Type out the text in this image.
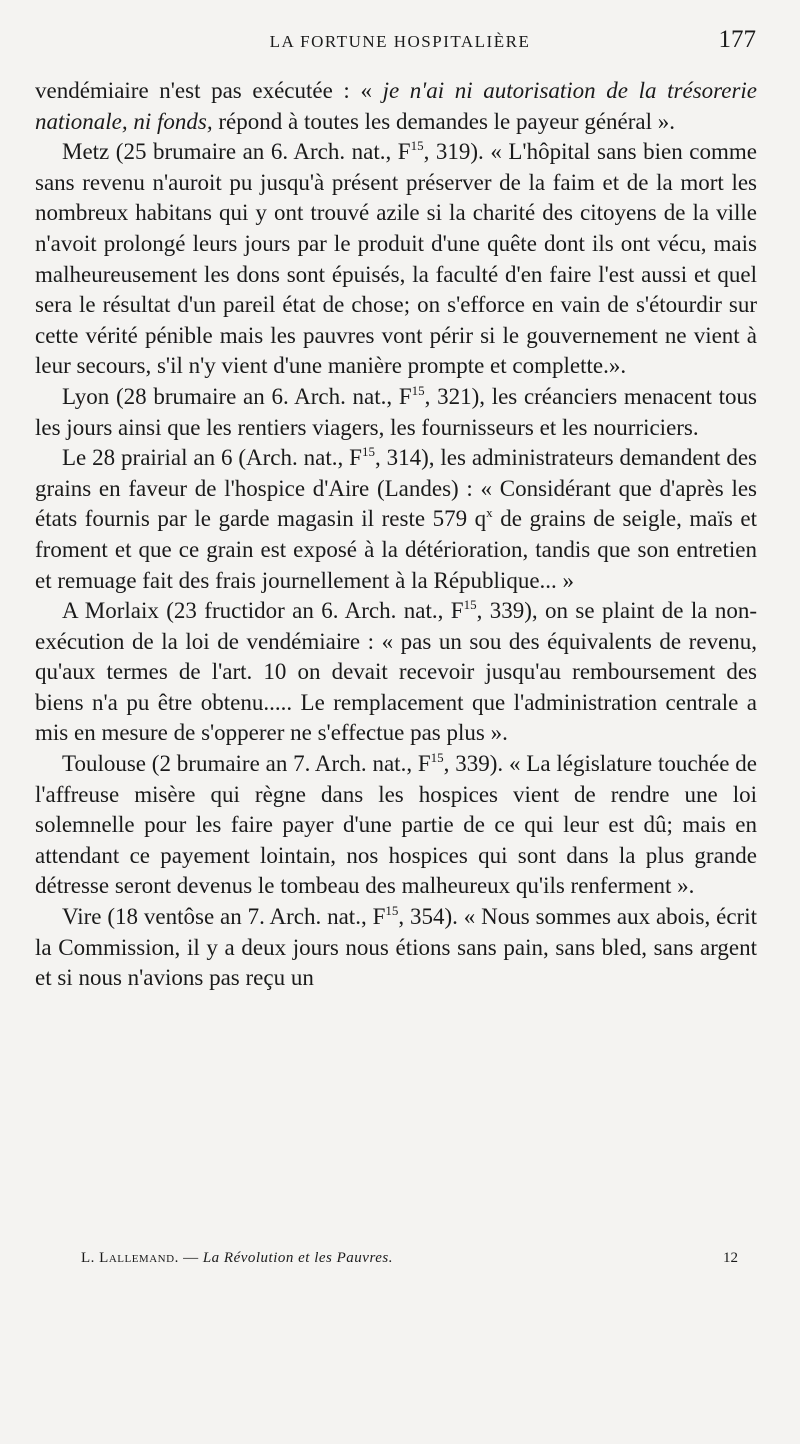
LA FORTUNE HOSPITALIÈRE	177

vendémiaire n'est pas exécutée : « je n'ai ni autorisation de la trésorerie nationale, ni fonds, répond à toutes les demandes le payeur général ».

Metz (25 brumaire an 6. Arch. nat., $F^{15}$, 319). « L'hôpital sans bien comme sans revenu n'auroit pu jusqu'à présent préserver de la faim et de la mort les nombreux habitans qui y ont trouvé azile si la charité des citoyens de la ville n'avoit prolongé leurs jours par le produit d'une quête dont ils ont vécu, mais malheureusement les dons sont épuisés, la faculté d'en faire l'est aussi et quel sera le résultat d'un pareil état de chose; on s'efforce en vain de s'étourdir sur cette vérité pénible mais les pauvres vont périr si le gouvernement ne vient à leur secours, s'il n'y vient d'une manière prompte et complette.».

Lyon (28 brumaire an 6. Arch. nat., $F^{15}$, 321), les créanciers menacent tous les jours ainsi que les rentiers viagers, les fournisseurs et les nourriciers.

Le 28 prairial an 6 (Arch. nat., $F^{15}$, 314), les administrateurs demandent des grains en faveur de l'hospice d'Aire (Landes) : « Considérant que d'après les états fournis par le garde magasin il reste 579 $q^x$ de grains de seigle, maïs et froment et que ce grain est exposé à la détérioration, tandis que son entretien et remuage fait des frais journellement à la République... »

A Morlaix (23 fructidor an 6. Arch. nat., $F^{15}$, 339), on se plaint de la non-exécution de la loi de vendémiaire : « pas un sou des équivalents de revenu, qu'aux termes de l'art. 10 on devait recevoir jusqu'au remboursement des biens n'a pu être obtenu..... Le remplacement que l'administration centrale a mis en mesure de s'opperer ne s'effectue pas plus ».

Toulouse (2 brumaire an 7. Arch. nat., $F^{15}$, 339). « La législature touchée de l'affreuse misère qui règne dans les hospices vient de rendre une loi solemnelle pour les faire payer d'une partie de ce qui leur est dû; mais en attendant ce payement lointain, nos hospices qui sont dans la plus grande détresse seront devenus le tombeau des malheureux qu'ils renferment ».

Vire (18 ventôse an 7. Arch. nat., $F^{15}$, 354). « Nous sommes aux abois, écrit la Commission, il y a deux jours nous étions sans pain, sans bled, sans argent et si nous n'avions pas reçu un

L. Lallemand. — La Révolution et les Pauvres.	12
